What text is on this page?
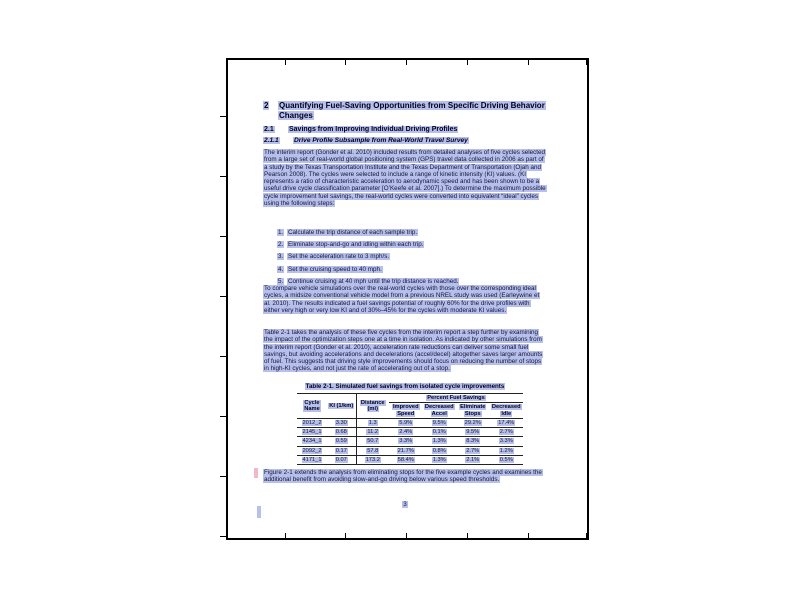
2	Quantifying Fuel-Saving Opportunities from Specific Driving Behavior Changes
2.1	Savings from Improving Individual Driving Profiles
2.1.1	Drive Profile Subsample from Real-World Travel Survey
The interim report (Gonder et al. 2010) included results from detailed analyses of five cycles selected from a large set of real-world global positioning system (GPS) travel data collected in 2006 as part of a study by the Texas Transportation Institute and the Texas Department of Transportation (Ojah and Pearson 2008). The cycles were selected to include a range of kinetic intensity (KI) values. (KI represents a ratio of characteristic acceleration to aerodynamic speed and has been shown to be a useful drive cycle classification parameter [O’Keefe et al. 2007].) To determine the maximum possible cycle improvement fuel savings, the real-world cycles were converted into equivalent “ideal” cycles using the following steps:
1. Calculate the trip distance of each sample trip.
2. Eliminate stop-and-go and idling within each trip.
3. Set the acceleration rate to 3 mph/s.
4. Set the cruising speed to 40 mph.
5. Continue cruising at 40 mph until the trip distance is reached.
To compare vehicle simulations over the real-world cycles with those over the corresponding ideal cycles, a midsize conventional vehicle model from a previous NREL study was used (Earleywine et al. 2010). The results indicated a fuel savings potential of roughly 60% for the drive profiles with either very high or very low KI and of 30%–45% for the cycles with moderate KI values.
Table 2-1 takes the analysis of these five cycles from the interim report a step further by examining the impact of the optimization steps one at a time in isolation. As indicated by other simulations from the interim report (Gonder et al. 2010), acceleration rate reductions can deliver some small fuel savings, but avoiding accelerations and decelerations (accel/decel) altogether saves larger amounts of fuel. This suggests that driving style improvements should focus on reducing the number of stops in high-KI cycles, and not just the rate of accelerating out of a stop.
Table 2-1. Simulated fuel savings from isolated cycle improvements
Cycle Name	KI (1/km)	Distance (mi)	Percent Fuel Savings			
			Improved Speed	Decreased Accel	Eliminate Stops	Decreased Idle
2012_2	3.30	1.3	5.9%	9.5%	29.2%	17.4%
2145_1	0.68	11.2	2.4%	0.1%	9.5%	2.7%
4234_1	0.59	50.7	3.3%	1.3%	8.3%	3.3%
2092_2	0.17	57.8	21.7%	0.8%	2.7%	1.2%
4171_1	0.07	173.2	58.4%	1.3%	2.1%	0.5%
Figure 2-1 extends the analysis from eliminating stops for the five example cycles and examines the additional benefit from avoiding slow-and-go driving below various speed thresholds.
3
